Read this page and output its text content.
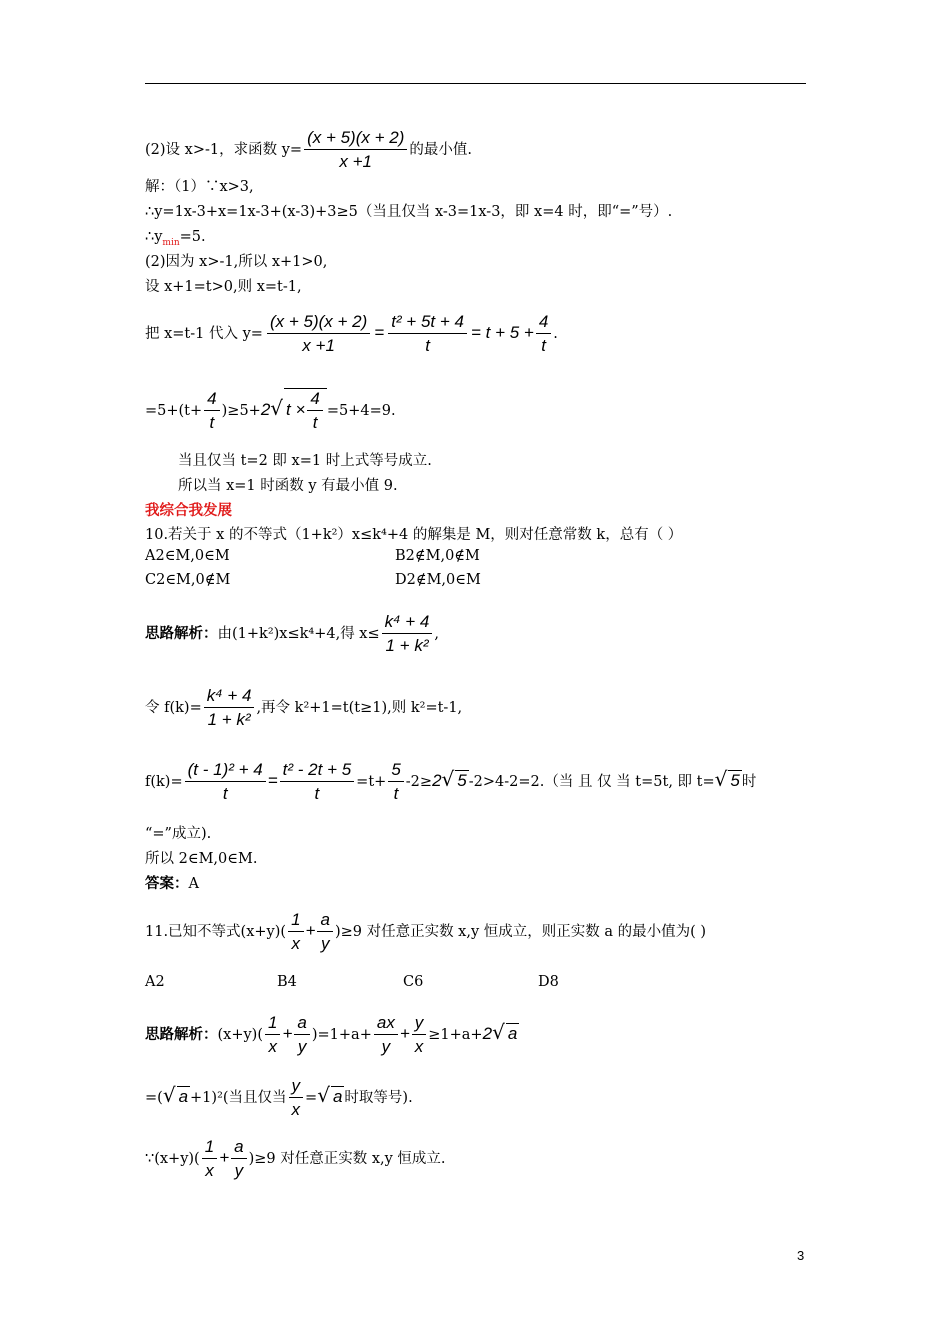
(2)设 x>-1，求函数 $y= \frac{(x + 5)(x + 2)}{x +1}$ 的最小值.
解：（1）∵x>3,
∴y=1x-3+x=1x-3+(x-3)+3≥5（当且仅当 x-3=1x-3，即 x=4 时，即“=”号）.
$\therefore y_{min}=5$.
(2)因为 x>-1,所以 x+1>0,
设 x+1=t>0,则 x=t-1,
把 x=t-1 代入 $y= \frac{(x + 5)(x + 2)}{x +1} = \frac{\text{t² + 5t + 4}}{t} = t + 5 + \frac{4}{t}$ .
$=5+(t+ \frac{4}{t} )\ge 5+2√$ $t \times \frac{4}{t} =5+4=9$.
当且仅当 t=2 即 x=1 时上式等号成立.
所以当 x=1 时函数 y 有最小值 9.
我综合我发展
10.若关于 x 的不等式（1+k²）x≤k⁴+4 的解集是 M，则对任意常数 k，总有（ ）
A2∈M,0∈M	B2∉M,0∉M
C2∈M,0∉M	D2∉M,0∈M
思路解析：由(1+k²)x≤k⁴+4,得 $x\le \frac{\text{k⁴ + 4}}{\text{1 + k²}}$ ,
令 $f(k)= \frac{\text{k⁴ + 4}}{\text{1 + k²}}$ ,再令 k²+1=t(t≥1),则 k²=t-1,
$f(k)= \frac{\text{(t - 1)² + 4}}{t} = \frac{\text{t² - 2t + 5}}{t} =t+ \frac{5}{t} -2\ge 2√$ 5 -2>4-2=2.（当 且 仅 当 t=5t, 即 t=√ 5 时
“=”成立).
所以 2∈M,0∈M.
答案：A
11.已知不等式$(x+y)( \frac{1}{x} + \frac{a}{y} )\ge 9$ 对任意正实数 x,y 恒成立，则正实数 a 的最小值为( )
A2	B4	C6	D8
思路解析：$(x+y)( \frac{1}{x} + \frac{a}{y} )=1+a+ \frac{ax}{y} + \frac{y}{x} \ge 1+a+2√$ a
=(√ a +1)²(当且仅当 $\frac{y}{x}$ =√ a 时取等号).
∵(x+y)( $\frac{1}{x} + \frac{a}{y} )\ge 9$ 对任意正实数 x,y 恒成立.
3
